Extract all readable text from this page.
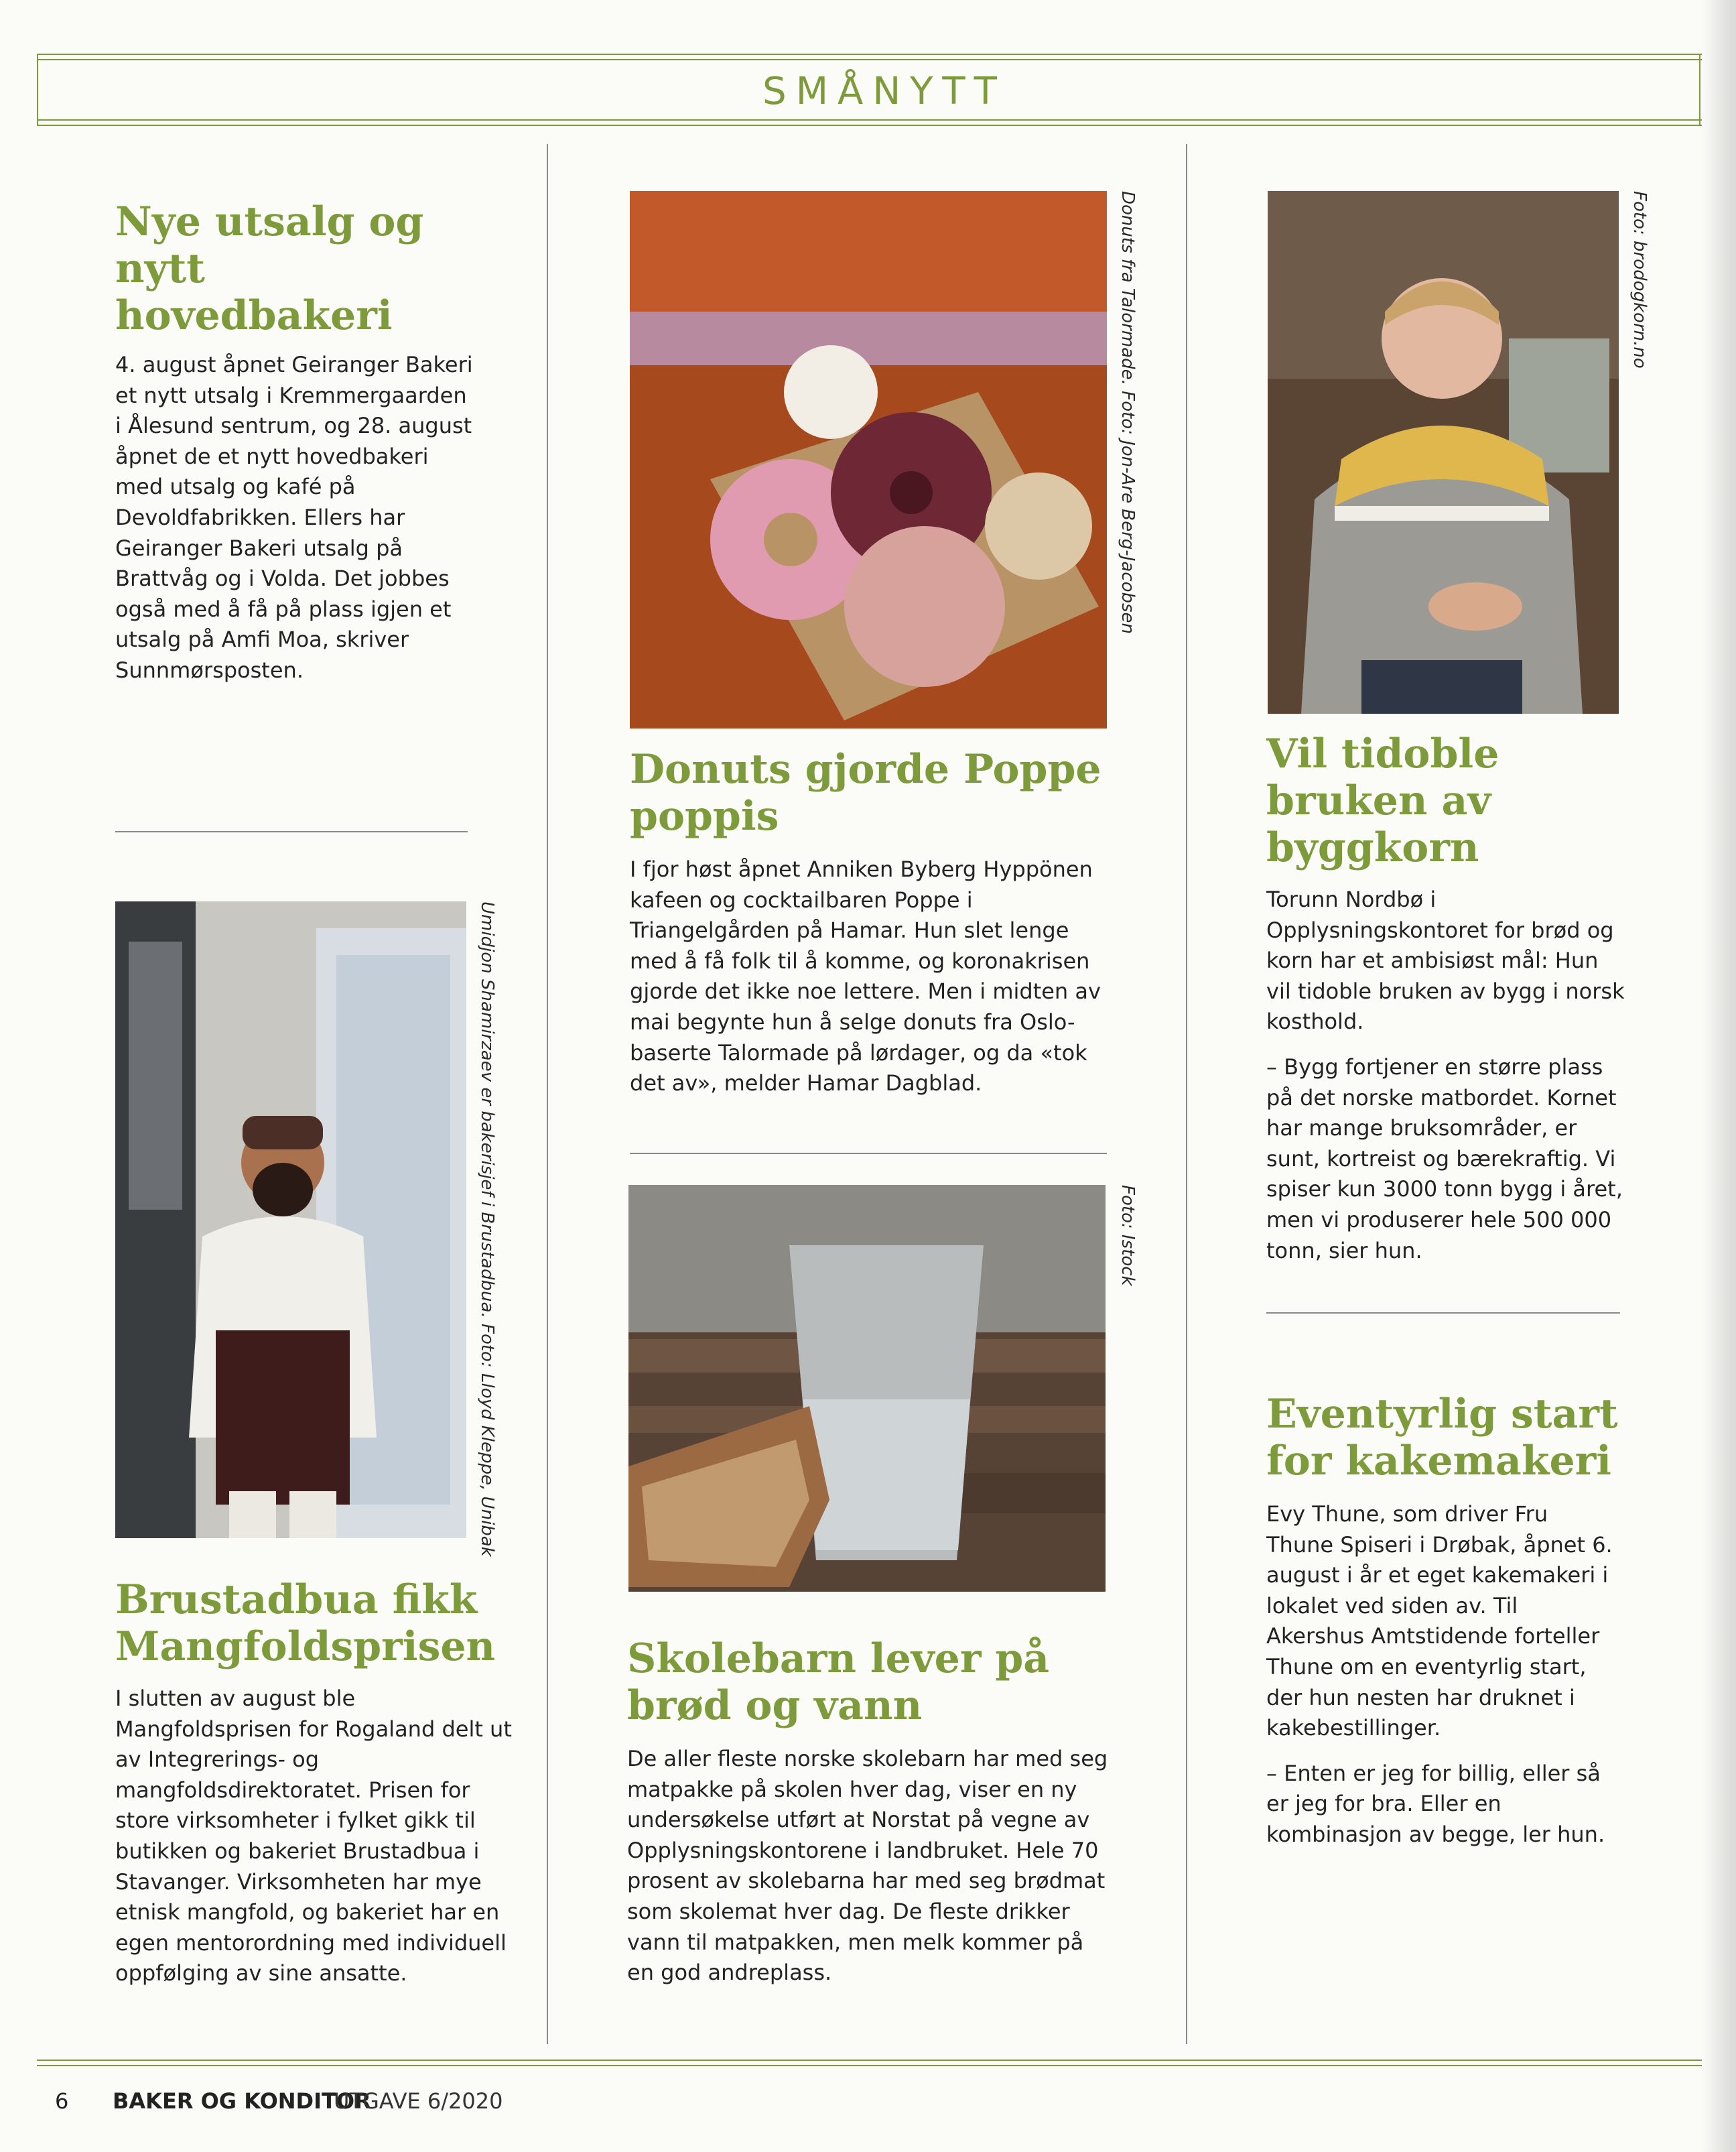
SMÅNYTT
Nye utsalg og nytt hovedbakeri

4. august åpnet Geiranger Bakeri et nytt utsalg i Kremmergaarden i Ålesund sentrum, og 28. august åpnet de et nytt hovedbakeri med utsalg og kafé på Devoldfabrikken. Ellers har Geiranger Bakeri utsalg på Brattvåg og i Volda. Det jobbes også med å få på plass igjen et utsalg på Amfi Moa, skriver Sunnmørsposten.

Umidjon Shamirzaev er bakerisjef i Brustadbua. Foto: Lloyd Kleppe, Unibak
Brustadbua fikk Mangfoldsprisen

I slutten av august ble Mangfoldsprisen for Rogaland delt ut av Integrerings- og mangfoldsdirektoratet. Prisen for store virksomheter i fylket gikk til butikken og bakeriet Brustadbua i Stavanger. Virksomheten har mye etnisk mangfold, og bakeriet har en egen mentorordning med individuell oppfølging av sine ansatte.

Donuts fra Talormade. Foto: Jon-Are Berg-Jacobsen
Donuts gjorde Poppe poppis

I fjor høst åpnet Anniken Byberg Hyppönen kafeen og cocktailbaren Poppe i Triangelgården på Hamar. Hun slet lenge med å få folk til å komme, og koronakrisen gjorde det ikke noe lettere. Men i midten av mai begynte hun å selge donuts fra Oslo-baserte Talormade på lørdager, og da «tok det av», melder Hamar Dagblad.

Foto: Istock
Skolebarn lever på brød og vann

De aller fleste norske skolebarn har med seg matpakke på skolen hver dag, viser en ny undersøkelse utført at Norstat på vegne av Opplysningskontorene i landbruket. Hele 70 prosent av skolebarna har med seg brødmat som skolemat hver dag. De fleste drikker vann til matpakken, men melk kommer på en god andreplass.

Foto: brodogkorn.no
Vil tidoble bruken av byggkorn

Torunn Nordbø i Opplysningskontoret for brød og korn har et ambisiøst mål: Hun vil tidoble bruken av bygg i norsk kosthold.

– Bygg fortjener en større plass på det norske matbordet. Kornet har mange bruksområder, er sunt, kortreist og bærekraftig. Vi spiser kun 3000 tonn bygg i året, men vi produserer hele 500 000 tonn, sier hun.

Eventyrlig start for kakemakeri

Evy Thune, som driver Fru Thune Spiseri i Drøbak, åpnet 6. august i år et eget kakemakeri i lokalet ved siden av. Til Akershus Amtstidende forteller Thune om en eventyrlig start, der hun nesten har druknet i kakebestillinger.

– Enten er jeg for billig, eller så er jeg for bra. Eller en kombinasjon av begge, ler hun.

6 BAKER OG KONDITOR
UTGAVE 6/2020
